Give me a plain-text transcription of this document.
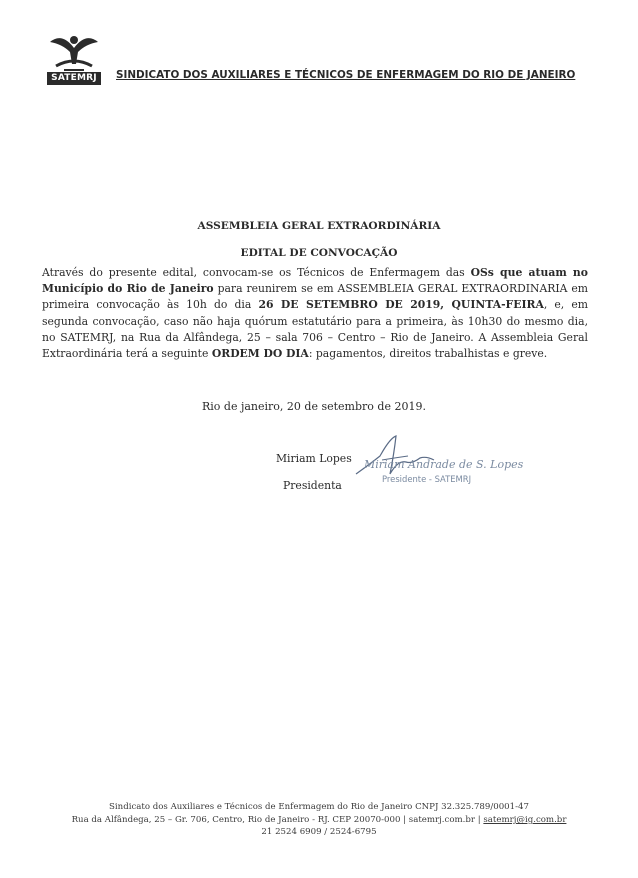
SATEMRJ	SINDICATO DOS AUXILIARES E TÉCNICOS DE ENFERMAGEM DO RIO DE JANEIRO
ASSEMBLEIA GERAL EXTRAORDINÁRIA
EDITAL DE CONVOCAÇÃO
Através do presente edital, convocam-se os Técnicos de Enfermagem das OSs que atuam no Município do Rio de Janeiro para reunirem se em ASSEMBLEIA GERAL EXTRAORDINARIA em primeira convocação às 10h do dia 26 DE SETEMBRO DE 2019, QUINTA-FEIRA, e, em segunda convocação, caso não haja quórum estatutário para a primeira, às 10h30 do mesmo dia, no SATEMRJ, na Rua da Alfândega, 25 – sala 706 – Centro – Rio de Janeiro. A Assembleia Geral Extraordinária terá a seguinte ORDEM DO DIA: pagamentos, direitos trabalhistas e greve.
Rio de janeiro, 20 de setembro de 2019.
Miriam Lopes
Presidenta
Miriam Andrade de S. Lopes
Presidente - SATEMRJ
Sindicato dos Auxiliares e Técnicos de Enfermagem do Rio de Janeiro CNPJ 32.325.789/0001-47
Rua da Alfândega, 25 – Gr. 706, Centro, Rio de Janeiro - RJ. CEP 20070-000 | satemrj.com.br | satemrj@ig.com.br
21 2524 6909 / 2524-6795
